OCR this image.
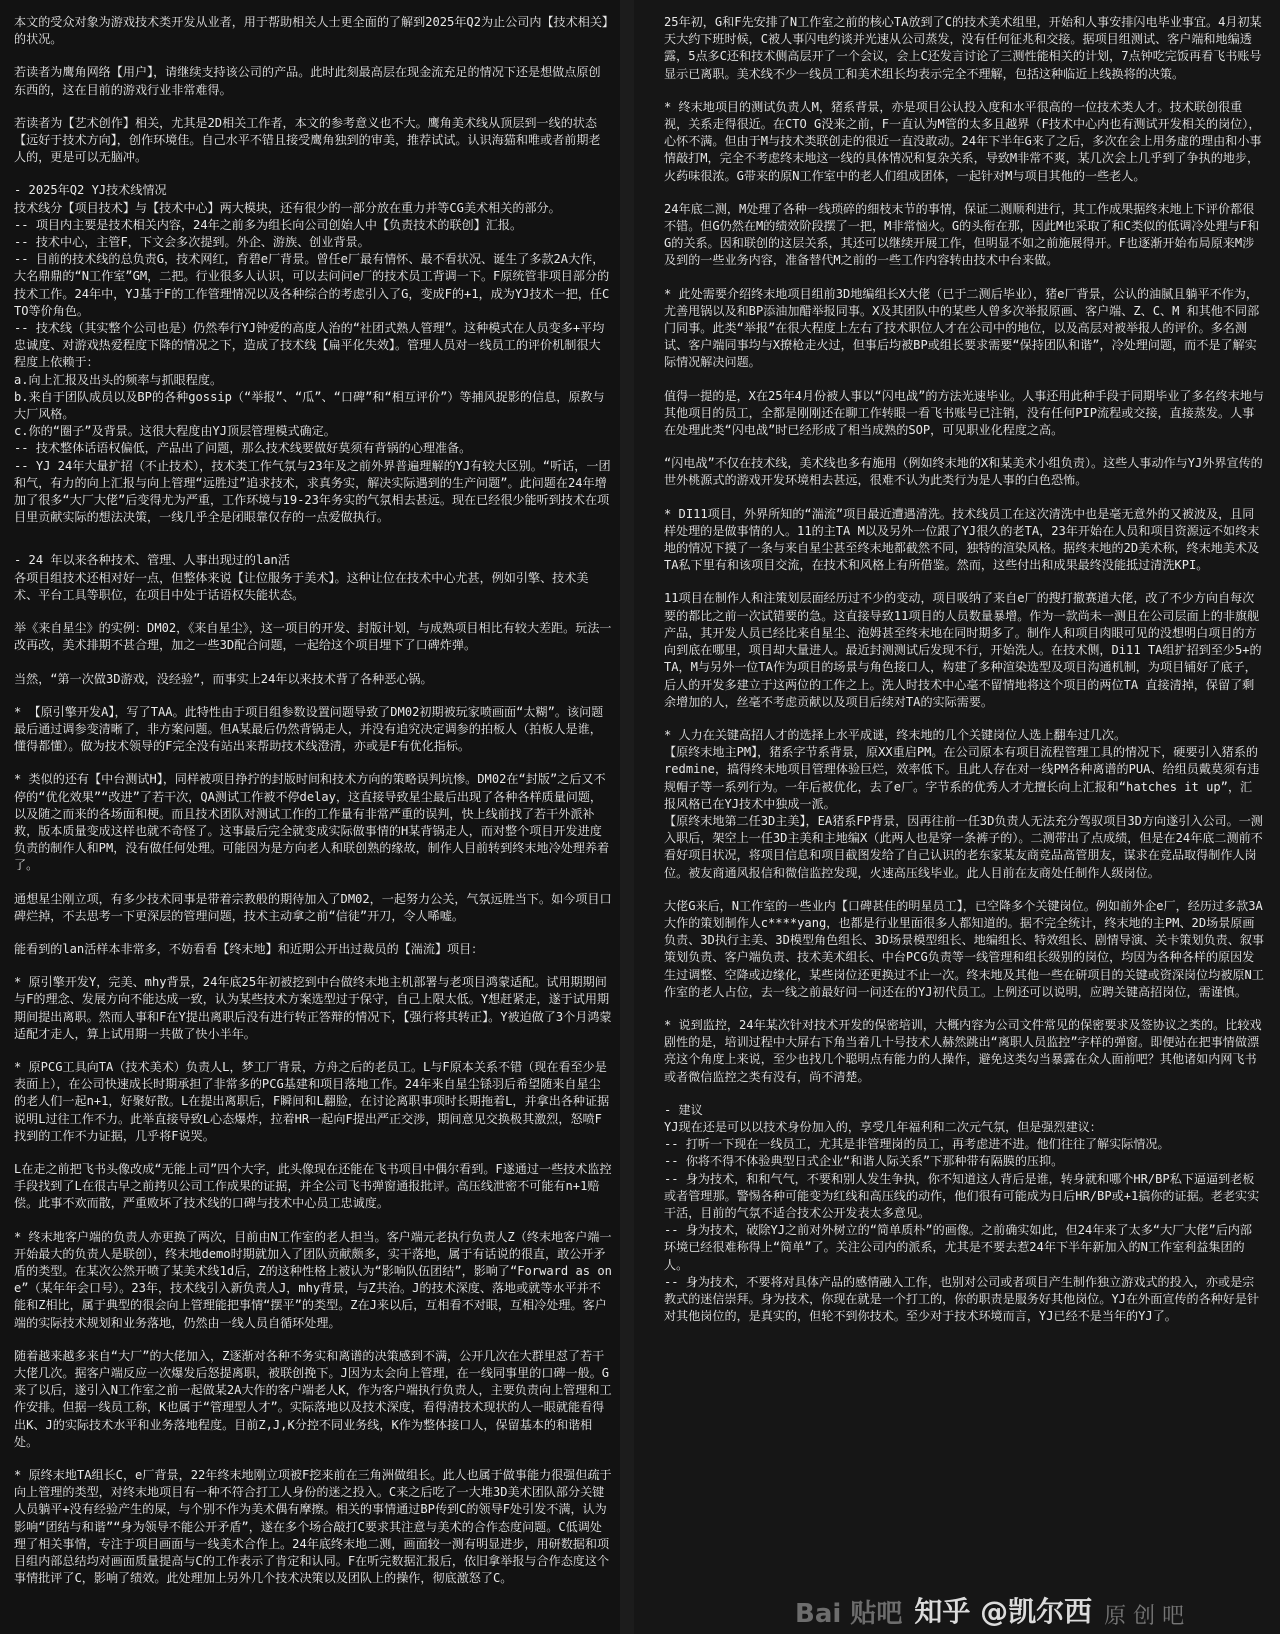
本文的受众对象为游戏技术类开发从业者，用于帮助相关人士更全面的了解到2025年Q2为止公司内【技术相关】的状况。

若读者为鹰角网络【用户】，请继续支持该公司的产品。此时此刻最高层在现金流充足的情况下还是想做点原创东西的，这在目前的游戏行业非常难得。

若读者为【艺术创作】相关，尤其是2D相关工作者，本文的参考意义也不大。鹰角美术线从顶层到一线的状态【远好于技术方向】，创作环境佳。自己水平不错且接受鹰角独到的审美，推荐试试。认识海猫和唯或者前期老人的，更是可以无脑冲。

- 2025年Q2 YJ技术线情况
技术线分【项目技术】与【技术中心】两大模块，还有很少的一部分放在重力并等CG美术相关的部分。
-- 项目内主要是技术相关内容，24年之前多为组长向公司创始人中【负责技术的联创】汇报。
-- 技术中心，主管F，下文会多次提到。外企、游族、创业背景。
-- 目前的技术线的总负责G，技术网红，育碧e厂背景。曾任e厂最有情怀、最不看状况、诞生了多款2A大作，大名鼎鼎的“N工作室”GM，二把。行业很多人认识，可以去问问e厂的技术员工背调一下。F原统管非项目部分的技术工作。24年中，YJ基于F的工作管理情况以及各种综合的考虑引入了G，变成F的+1，成为YJ技术一把，任CTO等价角色。
-- 技术线（其实整个公司也是）仍然奉行YJ钟爱的高度人治的“社团式熟人管理”。这种模式在人员变多+平均忠诚度、对游戏热爱程度下降的情况之下，造成了技术线【扁平化失效】。管理人员对一线员工的评价机制很大程度上依赖于：
a.向上汇报及出头的频率与抓眼程度。
b.来自于团队成员以及BP的各种gossip（“举报”、“瓜”、“口碑”和“相互评价”）等捕风捉影的信息，原教与大厂风格。
c.你的“圈子”及背景。这很大程度由YJ顶层管理模式确定。
-- 技术整体话语权偏低，产品出了问题，那么技术线要做好莫须有背锅的心理准备。
-- YJ 24年大量扩招（不止技术），技术类工作气氛与23年及之前外界普遍理解的YJ有较大区别。“听话，一团和气，有力的向上汇报与向上管理“远胜过”追求技术，求真务实，解决实际遇到的生产问题”。此问题在24年增加了很多“大厂大佬”后变得尤为严重，工作环境与19-23年务实的气氛相去甚远。现在已经很少能听到技术在项目里贡献实际的想法决策，一线几乎全是闭眼靠仅存的一点爱做执行。

- 24 年以来各种技术、管理、人事出现过的lan活
各项目组技术还相对好一点，但整体来说【让位服务于美术】。这种让位在技术中心尤甚，例如引擎、技术美术、平台工具等职位，在项目中处于话语权失能状态。

举《来自星尘》的实例：DM02，《来自星尘》，这一项目的开发、封版计划，与成熟项目相比有较大差距。玩法一改再改，美术排期不甚合理，加之一些3D配合问题，一起给这个项目埋下了口碑炸弹。

当然，“第一次做3D游戏，没经验”，而事实上24年以来技术背了各种恶心锅。

* 【原引擎开发A】，写了TAA。此特性由于项目组参数设置问题导致了DM02初期被玩家喷画面“太糊”。该问题最后通过调参变清晰了，非方案问题。但A某最后仍然背锅走人，并没有追究决定调参的拍板人（拍板人是谁，懂得都懂）。做为技术领导的F完全没有站出来帮助技术线澄清，亦或是F有优化指标。

* 类似的还有【中台测试H】，同样被项目挣拧的封版时间和技术方向的策略误判坑惨。DM02在“封版”之后又不停的“优化效果”“改进”了若干次，QA测试工作被不停delay，这直接导致星尘最后出现了各种各样质量问题，以及随之而来的各场面和梗。而且技术团队对测试工作的工作量有非常严重的误判，快上线前找了若干外派补救，版本质量变成这样也就不奇怪了。这事最后完全就变成实际做事情的H某背锅走人，而对整个项目开发进度负责的制作人和PM，没有做任何处理。可能因为是方向老人和联创熟的缘故，制作人目前转到终末地冷处理养着了。

通想星尘刚立项，有多少技术同事是带着宗教般的期待加入了DM02，一起努力公关，气氛远胜当下。如今项目口碑烂掉，不去思考一下更深层的管理问题，技术主动拿之前“信徒”开刀，令人唏嘘。

能看到的lan活样本非常多，不妨看看【终末地】和近期公开出过裁员的【湍流】项目：

* 原引擎开发Y，完美、mhy背景，24年底25年初被挖到中台做终末地主机部署与老项目鸿蒙适配。试用期期间与F的理念、发展方向不能达成一致，认为某些技术方案选型过于保守，自己上限太低。Y想赶紧走，遂于试用期期间提出离职。然而人事和F在Y提出离职后没有进行转正答辩的情况下，【强行将其转正】。Y被迫做了3个月鸿蒙适配才走人，算上试用期一共做了快小半年。

* 原PCG工具向TA（技术美术）负责人L，梦工厂背景，方舟之后的老员工。L与F原本关系不错（现在看至少是表面上），在公司快速成长时期承担了非常多的PCG基建和项目落地工作。24年来自星尘铩羽后希望随来自星尘的老人们一起n+1，好聚好散。L在提出离职后，F瞬间和L翻脸，在讨论离职事项时长期拖着L，并拿出各种证据说明L过往工作不力。此举直接导致L心态爆炸，拉着HR一起向F提出严正交涉，期间意见交换极其激烈，怒喷F找到的工作不力证据，几乎将F说哭。

L在走之前把飞书头像改成“无能上司”四个大字，此头像现在还能在飞书项目中偶尔看到。F遂通过一些技术监控手段找到了L在很古早之前拷贝公司工作成果的证据，并全公司飞书弹窗通报批评。高压线泄密不可能有n+1赔偿。此事不欢而散，严重败坏了技术线的口碑与技术中心员工忠诚度。

* 终末地客户端的负责人亦更换了两次，目前由N工作室的老人担当。客户端元老执行负责人Z（终末地客户端一开始最大的负责人是联创），终末地demo时期就加入了团队贡献颇多，实干落地，属于有话说的很直，敢公开矛盾的类型。在某次公然开喷了某美术线1d后，Z的这种性格上被认为“影响队伍团结”，影响了“Forward as one”（某年年会口号）。23年，技术线引入新负责人J，mhy背景，与Z共治。J的技术深度、落地或就等水平并不能和Z相比，属于典型的很会向上管理能把事情“摆平”的类型。Z在J来以后，互相看不对眼，互相冷处理。客户端的实际技术规划和业务落地，仍然由一线人员自循环处理。

随着越来越多来自“大厂”的大佬加入，Z逐渐对各种不务实和离谱的决策感到不满，公开几次在大群里怼了若干大佬几次。据客户端反应一次爆发后怒提离职，被联创挽下。J因为太会向上管理，在一线同事里的口碑一般。G来了以后，遂引入N工作室之前一起做某2A大作的客户端老人K，作为客户端执行负责人，主要负责向上管理和工作安排。但据一线员工称，K也属于“管理型人才”。实际落地以及技术深度，看得清技术现状的人一眼就能看得出K、J的实际技术水平和业务落地程度。目前Z,J,K分控不同业务线，K作为整体接口人，保留基本的和谐相处。

* 原终末地TA组长C，e厂背景，22年终末地刚立项被F挖来前在三角洲做组长。此人也属于做事能力很强但疏于向上管理的类型，对终末地项目有一种不符合打工人身份的迷之投入。C来之后吃了一大堆3D美术团队部分关键人员躺平+没有经验产生的屎，与个别不作为美术偶有摩擦。相关的事情通过BP传到C的领导F处引发不满，认为影响“团结与和谐”“身为领导不能公开矛盾”，遂在多个场合敲打C要求其注意与美术的合作态度问题。C低调处理了相关事情，专注于项目画面与一线美术合作上。24年底终末地二测，画面较一测有明显进步，用研数据和项目组内部总结均对画面质量提高与C的工作表示了肯定和认同。F在听完数据汇报后，依旧拿举报与合作态度这个事情批评了C，影响了绩效。此处理加上另外几个技术决策以及团队上的操作，彻底激怒了C。

25年初，G和F先安排了N工作室之前的核心TA放到了C的技术美术组里，开始和人事安排闪电毕业事宜。4月初某天大约下班时候，C被人事闪电约谈并光速从公司蒸发，没有任何征兆和交接。据项目组测试、客户端和地编透露，5点多C还和技术侧高层开了一个会议，会上C还发言讨论了三测性能相关的计划，7点钟吃完饭再看飞书账号显示已离职。美术线不少一线员工和美术组长均表示完全不理解，包括这种临近上线换将的决策。

* 终末地项目的测试负责人M，猪系背景，亦是项目公认投入度和水平很高的一位技术类人才。技术联创很重视，关系走得很近。在CTO G没来之前，F一直认为M管的太多且越界（F技术中心内也有测试开发相关的岗位），心怀不满。但由于M与技术类联创走的很近一直没敢动。24年下半年G来了之后，多次在会上用务虚的理由和小事情敲打M，完全不考虑终末地这一线的具体情况和复杂关系，导致M非常不爽，某几次会上几乎到了争执的地步，火药味很浓。G带来的原N工作室中的老人们组成团体，一起针对M与项目其他的一些老人。

24年底二测，M处理了各种一线琐碎的细枝末节的事情，保证二测顺利进行，其工作成果据终末地上下评价都很不错。但G仍然在M的绩效阶段摆了一把，M非常恼火。G的头衔在那，因此M也采取了和C类似的低调冷处理与F和G的关系。因和联创的这层关系，其还可以继续开展工作，但明显不如之前施展得开。F也逐渐开始布局原来M涉及到的一些业务内容，准备替代M之前的一些工作内容转由技术中台来做。

* 此处需要介绍终末地项目组前3D地编组长X大佬（已于二测后毕业），猪e厂背景，公认的油腻且躺平不作为，尤善甩锅以及和BP添油加醋举报同事。X及其团队中的某些人曾多次举报原画、客户端、Z、C、M 和其他不同部门同事。此类“举报”在很大程度上左右了技术职位人才在公司中的地位，以及高层对被举报人的评价。多名测试、客户端同事均与X撩枪走火过，但事后均被BP或组长要求需要“保持团队和谐”，冷处理问题，而不是了解实际情况解决问题。

值得一提的是，X在25年4月份被人事以“闪电战”的方法光速毕业。人事还用此种手段于同期毕业了多名终末地与其他项目的员工，全都是刚刚还在聊工作转眼一看飞书账号已注销，没有任何PIP流程或交接，直接蒸发。人事在处理此类“闪电战”时已经形成了相当成熟的SOP，可见职业化程度之高。

“闪电战”不仅在技术线，美术线也多有施用（例如终末地的X和某美术小组负责）。这些人事动作与YJ外界宣传的世外桃源式的游戏开发环境相去甚远，很难不认为此类行为是人事的白色恐怖。

* DI11项目，外界所知的“湍流”项目最近遭遇清洗。技术线员工在这次清洗中也是毫无意外的又被波及，且同样处理的是做事情的人。11的主TA M以及另外一位跟了YJ很久的老TA，23年开始在人员和项目资源远不如终末地的情况下摸了一条与来自星尘甚至终末地都截然不同，独特的渲染风格。据终末地的2D美术称，终末地美术及TA私下里有和该项目交流，在技术和风格上有所借鉴。然而，这些付出和成果最终没能抵过清洗KPI。

11项目在制作人和注策划层面经历过不少的变动，项目吸纳了来自e厂的搜打撤赛道大佬，改了不少方向自每次要的都比之前一次试错要的急。这直接导致11项目的人员数量暴增。作为一款尚未一测且在公司层面上的非旗舰产品，其开发人员已经比来自星尘、泡姆甚至终末地在同时期多了。制作人和项目肉眼可见的没想明白项目的方向到底在哪里，项目却大量进人。最近封测测试后发现不行，开始洗人。在技术侧，Di11 TA组扩招到至少5+的TA，M与另外一位TA作为项目的场景与角色接口人，构建了多种渲染选型及项目沟通机制，为项目铺好了底子，后人的开发多建立于这两位的工作之上。洗人时技术中心毫不留情地将这个项目的两位TA 直接清掉，保留了剩余增加的人，丝毫不考虑贡献以及项目后续对TA的实际需要。

* 人力在关键高招人才的选择上水平成谜，终末地的几个关键岗位人选上翻车过几次。
【原终末地主PM】，猪系字节系背景，原XX重启PM。在公司原本有项目流程管理工具的情况下，硬要引入猪系的redmine，搞得终末地项目管理体验巨烂，效率低下。且此人存在对一线PM各种离谱的PUA、给组员戴莫须有违规帽子等一系列行为。一年后被优化，去了e厂。字节系的优秀人才尤擅长向上汇报和“hatches it up”，汇报风格已在YJ技术中独成一派。
【原终末地第二任3D主美】，EA猪系FP背景，因再往前一任3D负责人无法充分驾驭项目3D方向遂引入公司。一测入职后，架空上一任3D主美和主地编X（此两人也是穿一条裤子的）。二测带出了点成绩，但是在24年底二测前不看好项目状况，将项目信息和项目截图发给了自己认识的老东家某友商竞品高管朋友，谋求在竞品取得制作人岗位。被友商通风报信和微信监控发现，火速高压线毕业。此人目前在友商处任制作人级岗位。

大佬G来后，N工作室的一些业内【口碑甚佳的明星员工】，已空降多个关键岗位。例如前外企e厂，经历过多款3A大作的策划制作人c****yang，也都是行业里面很多人都知道的。据不完全统计，终末地的主PM、2D场景原画负责、3D执行主美、3D模型角色组长、3D场景模型组长、地编组长、特效组长、剧情导演、关卡策划负责、叙事策划负责、客户端负责、技术美术组长、中台PCG负责等一线管理和组长级别的岗位，均因为各种各样的原因发生过调整、空降或边缘化，某些岗位还更换过不止一次。终末地及其他一些在研项目的关键或资深岗位均被原N工作室的老人占位，去一线之前最好问一问还在的YJ初代员工。上例还可以说明，应聘关键高招岗位，需谨慎。

* 说到监控，24年某次针对技术开发的保密培训，大概内容为公司文件常见的保密要求及签协议之类的。比较戏剧性的是，培训过程中大屏右下角当着几十号技术人赫然跳出“离职人员监控”字样的弹窗。即便站在把事情做漂亮这个角度上来说，至少也找几个聪明点有能力的人操作，避免这类勾当暴露在众人面前吧？其他诸如内网飞书或者微信监控之类有没有，尚不清楚。

- 建议
YJ现在还是可以以技术身份加入的，享受几年福利和二次元气氛，但是强烈建议：
-- 打听一下现在一线员工，尤其是非管理岗的员工，再考虑进不进。他们往往了解实际情况。
-- 你将不得不体验典型日式企业“和谐人际关系”下那种带有隔膜的压抑。
-- 身为技术，和和气气，不要和别人发生争执，你不知道这人背后是谁，转身就和哪个HR/BP私下逼逼到老板或者管理那。警惕各种可能变为红线和高压线的动作，他们很有可能成为日后HR/BP或+1搞你的证据。老老实实干活，目前的气氛不适合技术公开发表太多意见。
-- 身为技术，破除YJ之前对外树立的“简单质朴”的画像。之前确实如此，但24年来了太多“大厂大佬”后内部环境已经很难称得上“简单”了。关注公司内的派系，尤其是不要去惹24年下半年新加入的N工作室利益集团的人。
-- 身为技术，不要将对具体产品的感情融入工作，也别对公司或者项目产生制作独立游戏式的投入，亦或是宗教式的迷信崇拜。身为技术，你现在就是一个打工的，你的职责是服务好其他岗位。YJ在外面宣传的各种好是针对其他岗位的，是真实的，但轮不到你技术。至少对于技术环境而言，YJ已经不是当年的YJ了。

Bai 贴吧 知乎 @凯尔西 原 创 吧
